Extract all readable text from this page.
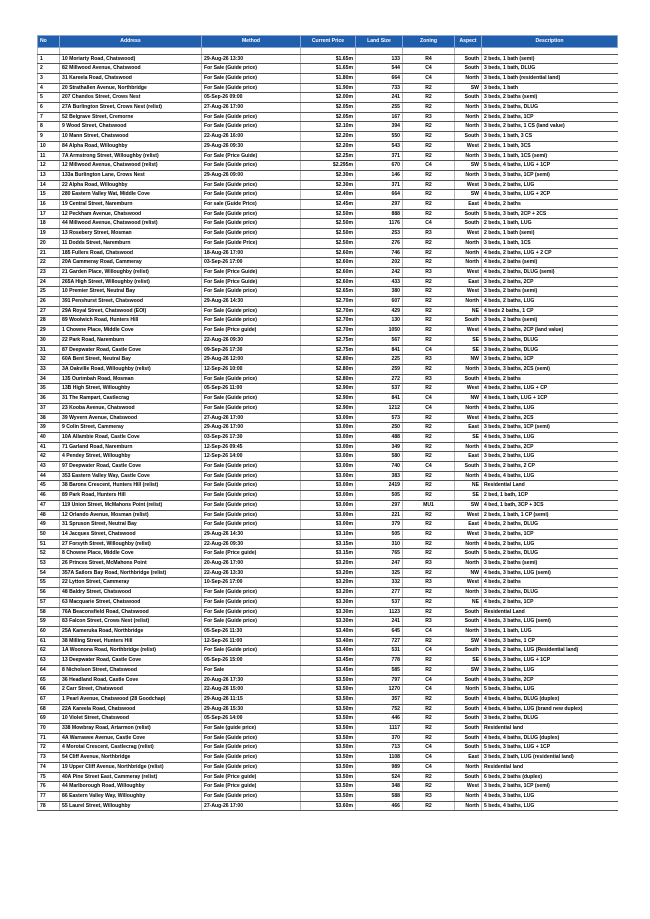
No	Address	Method	Current Price	Land Size	Zoning	Aspect	Description

1	10 Moriarty Road, Chatswood)	29-Aug-26 13:30	$1.65m	133	R4	South	2 beds, 1 bath (semi)
2	82 Millwood Avenue, Chatswood	For Sale (Guide price)	$1.65m	544	C4	South	3 beds, 1 bath, DLUG
3	31 Kareela Road, Chatswood	For Sale (Guide price)	$1.80m	664	C4	North	3 beds, 1 bath (residential land)
4	20 Strathallen Avenue, Northbridge	For Sale (Guide price)	$1.90m	733	R2	SW	3 beds, 1 bath
5	207 Chandos Street, Crows Nest	05-Sep-26 09:00	$2.00m	241	R2	South	3 beds, 2 baths (semi)
6	27A Burlington Street, Crows Nest (relist)	27-Aug-26 17:00	$2.05m	255	R2	North	3 beds, 2 baths, DLUG
7	52 Belgrave Street, Cremorne	For Sale (Guide price)	$2.05m	167	R3	North	2 beds, 2 baths, 1CP
8	9 Wood Street, Chatswood	For Sale (Guide price)	$2.10m	394	R2	North	3 beds, 2 baths, 1 CS (land value)
9	10 Mann Street, Chatswood	22-Aug-26 16:00	$2.20m	550	R2	South	3 beds, 1 bath, 3 CS
10	84 Alpha Road, Willoughby	29-Aug-26 09:30	$2.20m	543	R2	West	2 beds, 1 bath, 3CS
11	7A Armstrong Street, Willoughby (relist)	For Sale (Price Guide)	$2.25m	371	R2	North	3 beds, 1 bath, 1CS (semi)
12	12 Millwood Avenue, Chatswood (relist)	For Sale (Guide price)	$2.295m	670	C4	SW	5 beds, 4 baths, LUG + 1CP
13	133a Burlington Lane, Crows Nest	29-Aug-26 09:00	$2.30m	146	R2	North	3 beds, 3 baths, 1CP (semi)
14	22 Alpha Road, Willoughby	For Sale (Guide price)	$2.30m	371	R2	West	3 beds, 2 baths, LUG
15	280 Eastern Valley Wat, Middle Cove	For Sale (Guide price)	$2.40m	664	R2	SW	4 beds, 3 baths, LUG + 2CP
16	19 Central Street, Naremburn	For sale (Guide Price)	$2.45m	297	R2	East	4 beds, 2 baths
17	12 Peckham Avenue, Chatswood	For Sale (Guide price)	$2.50m	888	R2	South	5 beds, 3 bath, 2CP + 2CS
18	44 Millwood Avenue, Chatswood (relist)	For Sale (Guide price)	$2.50m	1176	C4	South	2 beds, 1 bath, LUG
19	13 Rosebery Street, Mosman	For Sale (Guide price)	$2.50m	253	R3	West	2 beds, 1 bath (semi)
20	11 Dodds Street, Naremburn	For Sale (Guide Price)	$2.50m	276	R2	North	3 beds, 1 bath, 1CS
21	185 Fullers Road, Chatswood	18-Aug-26 17:00	$2.60m	746	R2	North	4 beds, 2 baths, LUG + 2 CP
22	20A Cammeray Road, Cammeray	03-Sep-26 17:00	$2.60m	202	R2	North	4 beds, 2 baths (semi)
23	21 Garden Place, Willoughby (relist)	For Sale (Price Guide)	$2.60m	242	R3	West	4 beds, 2 baths, DLUG (semi)
24	265A High Street, Willoughby (relist)	For Sale (Price Guide)	$2.60m	433	R2	East	3 beds, 2 baths, 2CP
25	10 Premier Street, Neutral Bay	For Sale (Guide price)	$2.65m	380	R2	West	3 beds, 2 baths (semi)
26	391 Penshurst Street, Chatswood	29-Aug-26 14:30	$2.70m	607	R2	North	4 beds, 2 baths, LUG
27	29A Royal Street, Chatswood (EOI)	For Sale (Guide price)	$2.70m	429	R2	NE	4 beds 2 baths, 1 CP
28	89 Woolwich Road, Hunters Hill	For Sale (Guide price)	$2.70m	130	R2	South	3 beds, 2 baths (semi)
29	1 Chowne Place, Middle Cove	For Sale (Price guide)	$2.70m	1050	R2	West	4 beds, 2 baths, 2CP (land value)
30	22 Park Road, Naremburn	22-Aug-26 09:30	$2.75m	567	R2	SE	5 beds, 2 baths, DLUG
31	87 Deepwater Road, Castle Cove	09-Sep-26 17:30	$2.75m	841	C4	SE	3 beds, 2 baths, DLUG
32	60A Bent Street, Neutral Bay	29-Aug-26 12:00	$2.80m	225	R3	NW	3 beds, 2 baths, 1CP
33	3A Oakville Road, Willoughby (relist)	12-Sep-26 10:00	$2.80m	259	R2	North	3 beds, 3 baths, 2CS (semi)
34	135 Ourimbah Road, Mosman	For Sale (Guide price)	$2.80m	272	R3	South	4 beds, 2 baths
35	13B High Street, Willoughby	05-Sep-26 11:00	$2.90m	537	R2	West	4 beds, 2 baths, LUG + CP
36	31 The Rampart, Castlecrag	For Sale (Guide price)	$2.90m	841	C4	NW	4 beds, 1 bath, LUG + 1CP
37	23 Kooba Avenue, Chatswood	For Sale (Guide price)	$2.90m	1212	C4	North	4 beds, 2 baths, LUG
38	39 Wyvern Avenue, Chatswood	27-Aug-26 17:00	$3.00m	573	R2	West	4 beds, 2 baths, 2CS
39	9 Colin Street, Cammeray	29-Aug-26 17:00	$3.00m	250	R2	East	3 beds, 2 baths, 1CP (semi)
40	10A Allambie Road, Castle Cove	03-Sep-26 17:30	$3.00m	488	R2	SE	4 beds, 3 baths, LUG
41	71 Garland Road, Naremburn	12-Sep-26 09:45	$3.00m	349	R2	North	4 beds, 2 baths, 2CP
42	4 Pendey Street, Willoughby	12-Sep-26 14:00	$3.00m	580	R2	East	3 beds, 2 baths, LUG
43	97 Deepwater Road, Castle Cove	For Sale (Guide price)	$3.00m	740	C4	South	3 beds, 2 baths, 2 CP
44	353 Eastern Valley Way, Castle Cove	For Sale (Guide price)	$3.00m	383	R2	North	4 beds, 4 baths, LUG
45	38 Barons Crescent, Hunters Hill (relist)	For Sale (Guide price)	$3.00m	2419	R2	NE	Residential Land
46	89 Park Road, Hunters Hill	For Sale (Guide price)	$3.00m	505	R2	SE	2 bed, 1 bath, 1CP
47	119 Union Street, McMahons Point (relist)	For Sale (Guide price)	$3.00m	297	MU1	SW	4 bed, 1 bath, 3CP + 3CS
48	12 Orlando Avenue, Mosman (relist)	For Sale (Guide price)	$3.00m	221	R2	West	2 beds, 1 bath, 1 CP (semi)
49	31 Spruson Street, Neutral Bay	For Sale (Guide price)	$3.00m	379	R2	East	4 beds, 2 baths, DLUG
50	14 Jacques Street, Chatswood	29-Aug-26 14:30	$3.10m	505	R2	West	3 beds, 2 baths, 1CP
51	27 Forsyth Street, Willoughby (relist)	22-Aug-26 09:30	$3.15m	310	R2	North	4 beds, 2 baths, LUG
52	8 Chowne Place, Middle Cove	For Sale (Price guide)	$3.15m	765	R2	South	5 beds, 2 baths, DLUG
53	26 Princes Street, McMahons Point	20-Aug-26 17:00	$3.20m	247	R3	North	3 beds, 2 baths (semi)
54	357A Sailors Bay Road, Northbridge (relist)	22-Aug-26 13:30	$3.20m	325	R2	NW	4 beds, 3 baths, LUG (semi)
55	22 Lytton Street, Cammeray	10-Sep-26 17:00	$3.20m	332	R3	West	4 beds, 2 baths
56	48 Baldry Street, Chatswood	For Sale (Guide price)	$3.20m	277	R2	North	3 beds, 2 baths, DLUG
57	63 Macquarie Street, Chatswood	For Sale (Guide price)	$3.30m	537	R2	NE	4 beds, 2 baths, 1CP
58	76A Beaconsfield Road, Chatswood	For Sale (Guide price)	$3.30m	1123	R2	South	Residential Land
59	83 Falcon Street, Crows Nest (relist)	For Sale (Guide price)	$3.30m	241	R3	South	4 beds, 3 baths, LUG (semi)
60	25A Kameruka Road, Northbridge	05-Sep-26 11:30	$3.40m	645	C4	North	3 beds, 1 bath, LUG
61	38 Milling Street, Hunters Hill	12-Sep-26 11:00	$3.40m	727	R2	SW	4 beds, 3 baths, 1 CP
62	1A Woonona Road, Northbridge (relist)	For Sale (Guide price)	$3.40m	531	C4	South	3 beds, 2 baths, LUG (Residential land)
63	13 Deepwater Road, Castle Cove	05-Sep-26 15:00	$3.45m	778	R2	SE	6 beds, 3 baths, LUG + 1CP
64	8 Nicholson Street, Chatswood	For Sale	$3.45m	585	R2	SW	3 beds, 2 baths, LUG
65	36 Headland Road, Castle Cove	20-Aug-26 17:30	$3.50m	797	C4	South	4 beds, 3 baths, 2CP
66	2 Carr Street, Chatswood	22-Aug-26 15:00	$3.50m	1270	C4	North	5 beds, 3 baths, LUG
67	1 Pearl Avenue, Chatswood (28 Goodchap)	29-Aug-26 11:15	$3.50m	357	R2	South	4 beds, 4 baths, DLUG (duplex)
68	22A Kareela Road, Chatswood	29-Aug-26 15:30	$3.50m	752	R2	South	4 beds, 4 baths, LUG (brand new duplex)
69	10 Violet Street, Chatswood	05-Sep-26 14:00	$3.50m	446	R2	South	3 beds, 2 baths, DLUG
70	338 Mowbray Road, Artarmon (relist)	For Sale (guide price)	$3.50m	1117	R2	South	Residential land
71	4A Warrawee Avenue, Castle Cove	For Sale (Guide price)	$3.50m	370	R2	South	4 beds, 4 baths, DLUG (duplex)
72	4 Morotai Crescent, Castlecrag (relist)	For Sale (Guide price)	$3.50m	713	C4	South	5 beds, 3 baths, LUG + 1CP
73	54 Cliff Avenue, Northbridge	For Sale (Guide price)	$3.50m	1108	C4	East	3 beds, 2 bath, LUG (residential land)
74	19 Upper Cliff Avenue, Northbridge (relist)	For Sale (Guide price)	$3.50m	989	C4	North	Residential land
75	40A Pine Street East, Cammeray (relist)	For Sale (Price guide)	$3.50m	524	R2	South	6 beds, 2 baths (duplex)
76	44 Marlborough Road, Willoughby	For Sale (Price guide)	$3.50m	348	R2	West	3 beds, 2 baths, 1CP (semi)
77	86 Eastern Valley Way, Willoughby	For Sale (Guide price)	$3.50m	588	R3	North	4 beds, 3 baths, LUG
78	55 Laurel Street, Willoughby	27-Aug-26 17:00	$3.60m	466	R2	North	5 beds, 4 baths, LUG
